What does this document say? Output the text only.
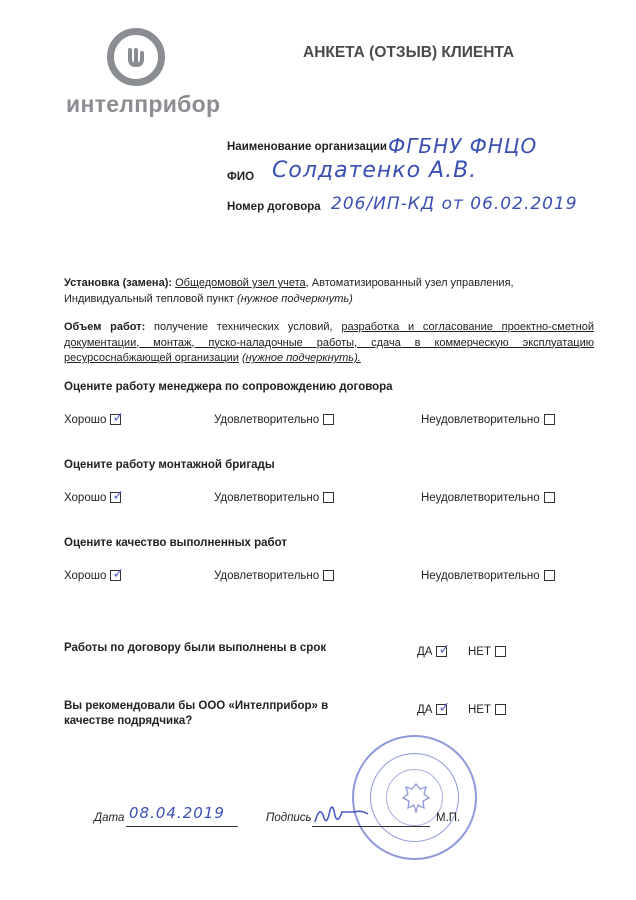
интелприбор
АНКЕТА (ОТЗЫВ) КЛИЕНТА
Наименование организации ФГБНУ ФНЦО
ФИО Солдатенко А.В.
Номер договора 206/ИП-КД от 06.02.2019
Установка (замена): Общедомовой узел учета, Автоматизированный узел управления, Индивидуальный тепловой пункт (нужное подчеркнуть)
Объем работ: получение технических условий, разработка и согласование проектно-сметной документации, монтаж, пуско-наладочные работы, сдача в коммерческую эксплуатацию ресурсоснабжающей организации (нужное подчеркнуть).
Оцените работу менеджера по сопровождению договора
Хорошо ✓	Удовлетворительно	Неудовлетворительно
Оцените работу монтажной бригады
Хорошо ✓	Удовлетворительно	Неудовлетворительно
Оцените качество выполненных работ
Хорошо ✓	Удовлетворительно	Неудовлетворительно
Работы по договору были выполнены в срок	ДА ✓ НЕТ
Вы рекомендовали бы ООО «Интелприбор» в качестве подрядчика?
ДА ✓ НЕТ
Дата 08.04.2019	Подпись	М.П.
